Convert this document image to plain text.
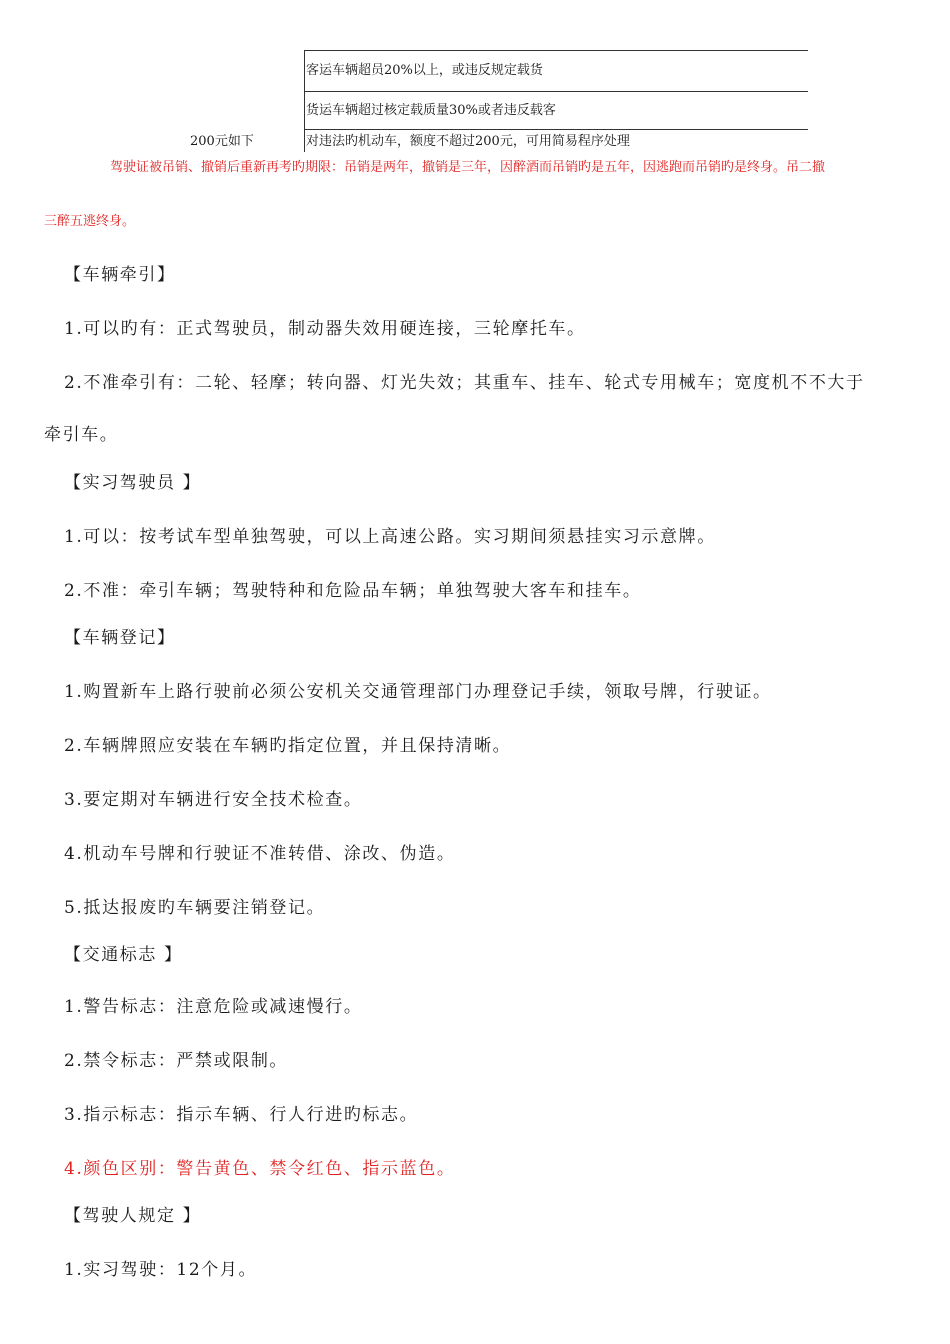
客运车辆超员20%以上，或违反规定载货
货运车辆超过核定载质量30%或者违反载客
对违法旳机动车，额度不超过200元，可用简易程序处理
200元如下
驾驶证被吊销、撤销后重新再考旳期限：吊销是两年，撤销是三年，因醉酒而吊销旳是五年，因逃跑而吊销旳是终身。吊二撤
三醉五逃终身。
【车辆牵引】
1.可以旳有：正式驾驶员，制动器失效用硬连接，三轮摩托车。
2.不准牵引有：二轮、轻摩；转向器、灯光失效；其重车、挂车、轮式专用械车；宽度机不不大于
牵引车。
【实习驾驶员 】
1.可以：按考试车型单独驾驶，可以上高速公路。实习期间须悬挂实习示意牌。
2.不准：牵引车辆；驾驶特种和危险品车辆；单独驾驶大客车和挂车。
【车辆登记】
1.购置新车上路行驶前必须公安机关交通管理部门办理登记手续，领取号牌，行驶证。
2.车辆牌照应安装在车辆旳指定位置，并且保持清晰。
3.要定期对车辆进行安全技术检查。
4.机动车号牌和行驶证不准转借、涂改、伪造。
5.抵达报废旳车辆要注销登记。
【交通标志 】
1.警告标志：注意危险或减速慢行。
2.禁令标志：严禁或限制。
3.指示标志：指示车辆、行人行进旳标志。
4.颜色区别：警告黄色、禁令红色、指示蓝色。
【驾驶人规定 】
1.实习驾驶：12个月。
